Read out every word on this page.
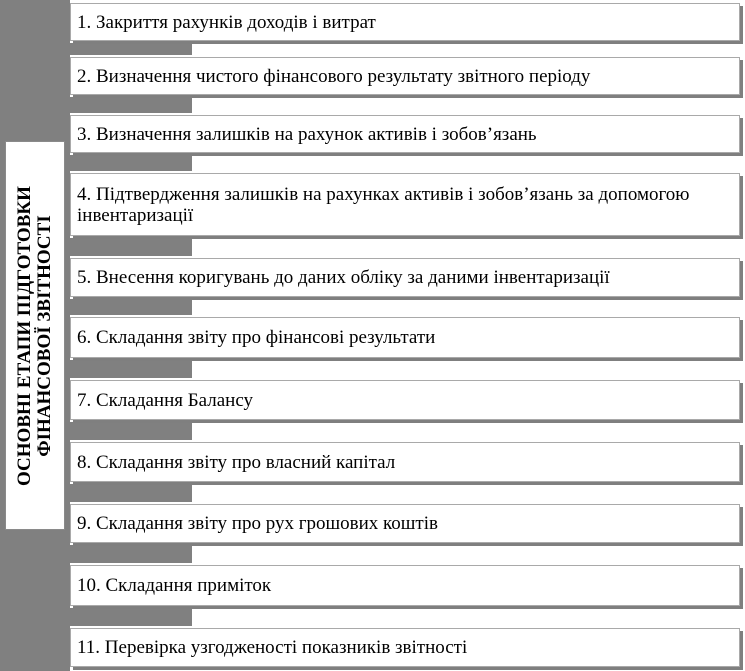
ОСНОВНІ ЕТАПИ ПІДГОТОВКИ ФІНАНСОВОЇ ЗВІТНОСТІ
1. Закриття рахунків доходів і витрат
2. Визначення чистого фінансового результату звітного періоду
3. Визначення залишків на рахунок активів і зобов’язань
4. Підтвердження залишків на рахунках активів і зобов’язань за допомогою інвентаризації
5. Внесення коригувань до даних обліку за даними інвентаризації
6. Складання звіту про фінансові результати
7. Складання Балансу
8. Складання звіту про власний капітал
9. Складання звіту про рух грошових коштів
10. Складання приміток
11. Перевірка узгодженості показників звітності
